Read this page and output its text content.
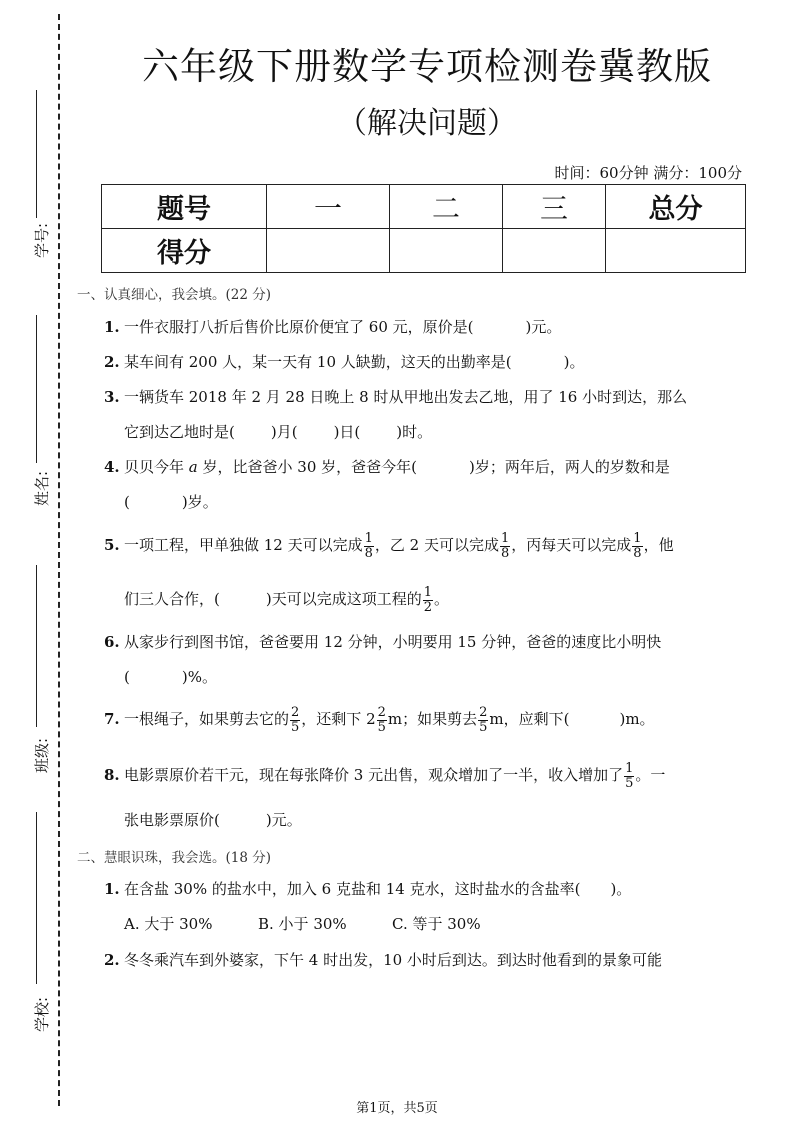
学号:
姓名:
班级:
学校:
六年级下册数学专项检测卷冀教版
（解决问题）
时间：60分钟 满分：100分
题号	一	二	三	总分
得分				
一、认真细心，我会填。(22 分)
1. 一件衣服打八折后售价比原价便宜了 60 元，原价是(	)元。
2. 某车间有 200 人，某一天有 10 人缺勤，这天的出勤率是(	)。
3. 一辆货车 2018 年 2 月 28 日晚上 8 时从甲地出发去乙地，用了 16 小时到达，那么
它到达乙地时是( )月( )日( )时。
4. 贝贝今年 a 岁，比爸爸小 30 岁，爸爸今年(	)岁；两年后，两人的岁数和是
(	)岁。
5. 一项工程，甲单独做 12 天可以完成 $\frac{1}{8}$ ，乙 2 天可以完成 $\frac{1}{8}$ ，丙每天可以完成 $\frac{1}{8}$ ，他
们三人合作，(	)天可以完成这项工程的 $\frac{1}{2}$ 。
6. 从家步行到图书馆，爸爸要用 12 分钟，小明要用 15 分钟，爸爸的速度比小明快
(	)%。
7. 一根绳子，如果剪去它的 $\frac{2}{5}$ ，还剩下 $2 \frac{2}{5}$ m；如果剪去 $\frac{2}{5}$ m，应剩下(	)m。
8. 电影票原价若干元，现在每张降价 3 元出售，观众增加了一半，收入增加了 $\frac{1}{5}$ 。一
张电影票原价(	)元。
二、慧眼识珠，我会选。(18 分)
1. 在含盐 30% 的盐水中，加入 6 克盐和 14 克水，这时盐水的含盐率( )。
A. 大于 30%	B. 小于 30%	C. 等于 30%
2. 冬冬乘汽车到外婆家，下午 4 时出发，10 小时后到达。到达时他看到的景象可能
第1页，共5页
